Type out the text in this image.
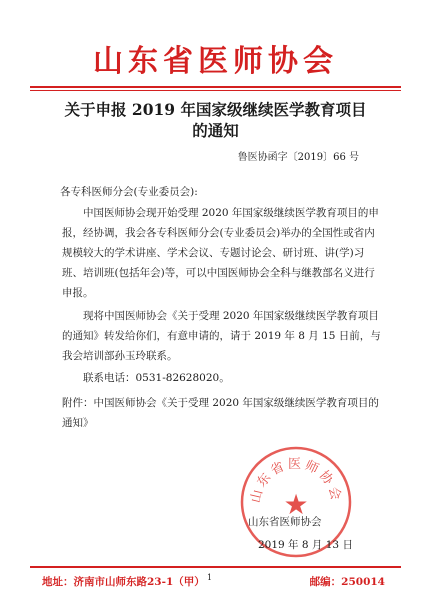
山东省医师协会
关于申报 2019 年国家级继续医学教育项目
的通知
鲁医协函字〔2019〕66 号

各专科医师分会(专业委员会):

中国医师协会现开始受理 2020 年国家级继续医学教育项目的申报，经协调，我会各专科医师分会(专业委员会)举办的全国性或省内规模较大的学术讲座、学术会议、专题讨论会、研讨班、讲(学)习班、培训班(包括年会)等，可以中国医师协会全科与继教部名义进行申报。

现将中国医师协会《关于受理 2020 年国家级继续医学教育项目的通知》转发给你们，有意申请的，请于 2019 年 8 月 15 日前，与我会培训部孙玉玲联系。

联系电话：0531-82628020。

附件：中国医师协会《关于受理 2020 年国家级继续医学教育项目的通知》
山东省医师协会
★
山东省医师协会
2019 年 8 月 13 日
地址：济南市山师东路23-1（甲） 1	邮编：250014
